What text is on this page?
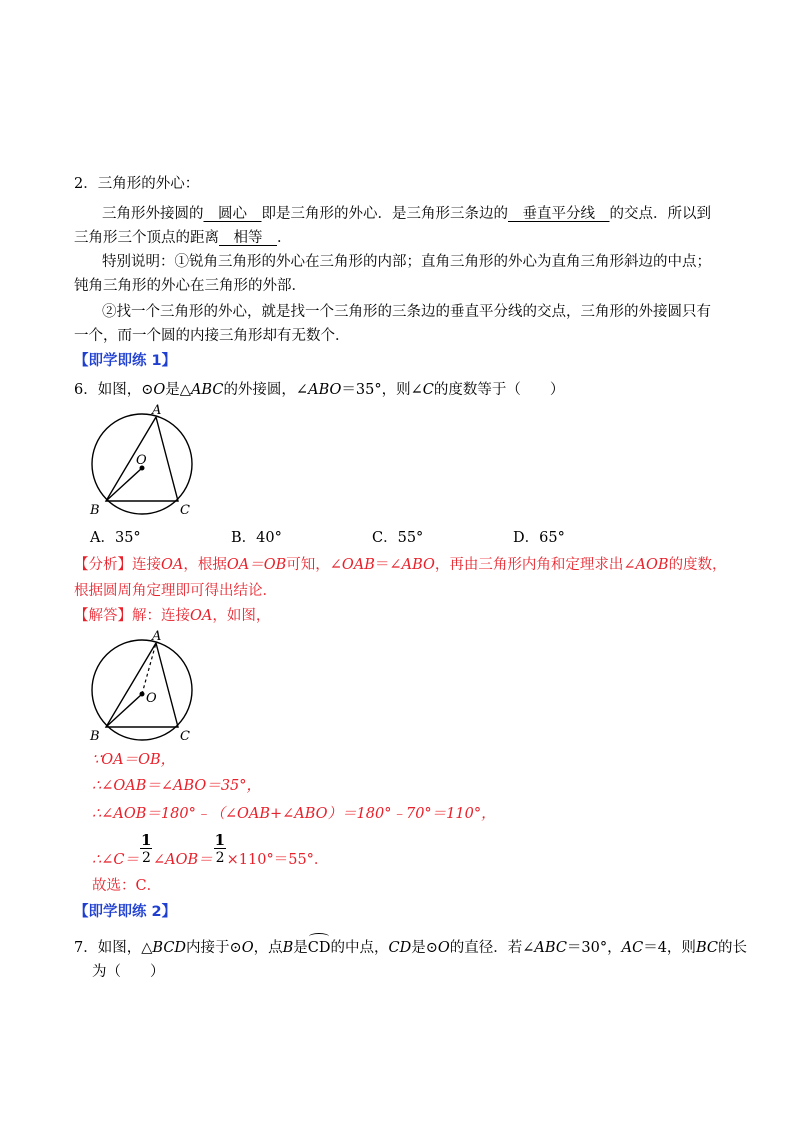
2．三角形的外心：
三角形外接圆的　圆心　即是三角形的外心．是三角形三条边的　垂直平分线　的交点．所以到
三角形三个顶点的距离　相等　．
特别说明：①锐角三角形的外心在三角形的内部；直角三角形的外心为直角三角形斜边的中点；
钝角三角形的外心在三角形的外部．
②找一个三角形的外心，就是找一个三角形的三条边的垂直平分线的交点，三角形的外接圆只有
一个，而一个圆的内接三角形却有无数个．
【即学即练 1】
6．如图，⊙O是△ABC的外接圆，∠ABO＝35°，则∠C的度数等于（　　）
A
O
B	C
A．35°	B．40°	C．55°	D．65°
【分析】连接OA，根据OA＝OB可知，∠OAB＝∠ABO，再由三角形内角和定理求出∠AOB的度数，
根据圆周角定理即可得出结论．
【解答】解：连接OA，如图，
A
O
B	C
∵OA＝OB，
∴∠OAB＝∠ABO＝35°，
∴∠AOB＝180°﹣（∠OAB+∠ABO）＝180°﹣70°＝110°，
∴∠C＝ $\frac{1}{2}$ ∠AOB＝ $\frac{1}{2} \times 110^\circ=55^\circ$．
故选：C．
【即学即练 2】
7．如图，△BCD内接于⊙O，点B是CD的中点，CD是⊙O的直径．若∠ABC＝30°，AC＝4，则BC的长
为（　　）
